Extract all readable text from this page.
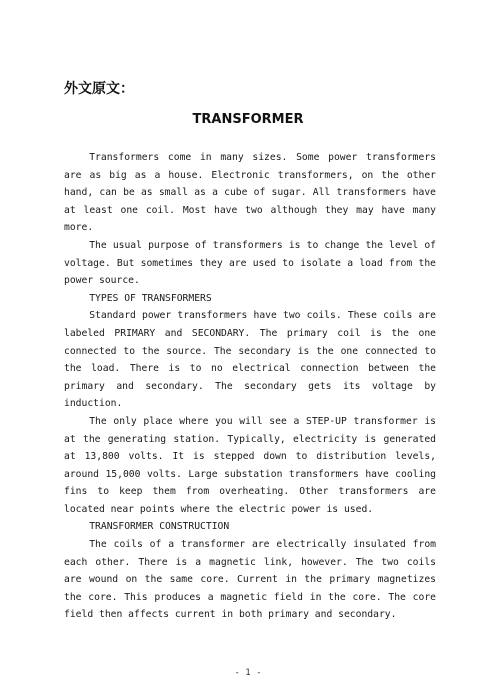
外文原文：
TRANSFORMER

Transformers come in many sizes. Some power transformers are as big as a house. Electronic transformers, on the other hand, can be as small as a cube of sugar. All transformers have at least one coil. Most have two although they may have many more.

The usual purpose of transformers is to change the level of voltage. But sometimes they are used to isolate a load from the power source.

TYPES OF TRANSFORMERS

Standard power transformers have two coils. These coils are labeled PRIMARY and SECONDARY. The primary coil is the one connected to the source. The secondary is the one connected to the load. There is to no electrical connection between the primary and secondary. The secondary gets its voltage by induction.

The only place where you will see a STEP-UP transformer is at the generating station. Typically, electricity is generated at 13,800 volts. It is stepped down to distribution levels, around 15,000 volts. Large substation transformers have cooling fins to keep them from overheating. Other transformers are located near points where the electric power is used.

TRANSFORMER CONSTRUCTION

The coils of a transformer are electrically insulated from each other. There is a magnetic link, however. The two coils are wound on the same core. Current in the primary magnetizes the core. This produces a magnetic field in the core. The core field then affects current in both primary and secondary.

- 1 -
